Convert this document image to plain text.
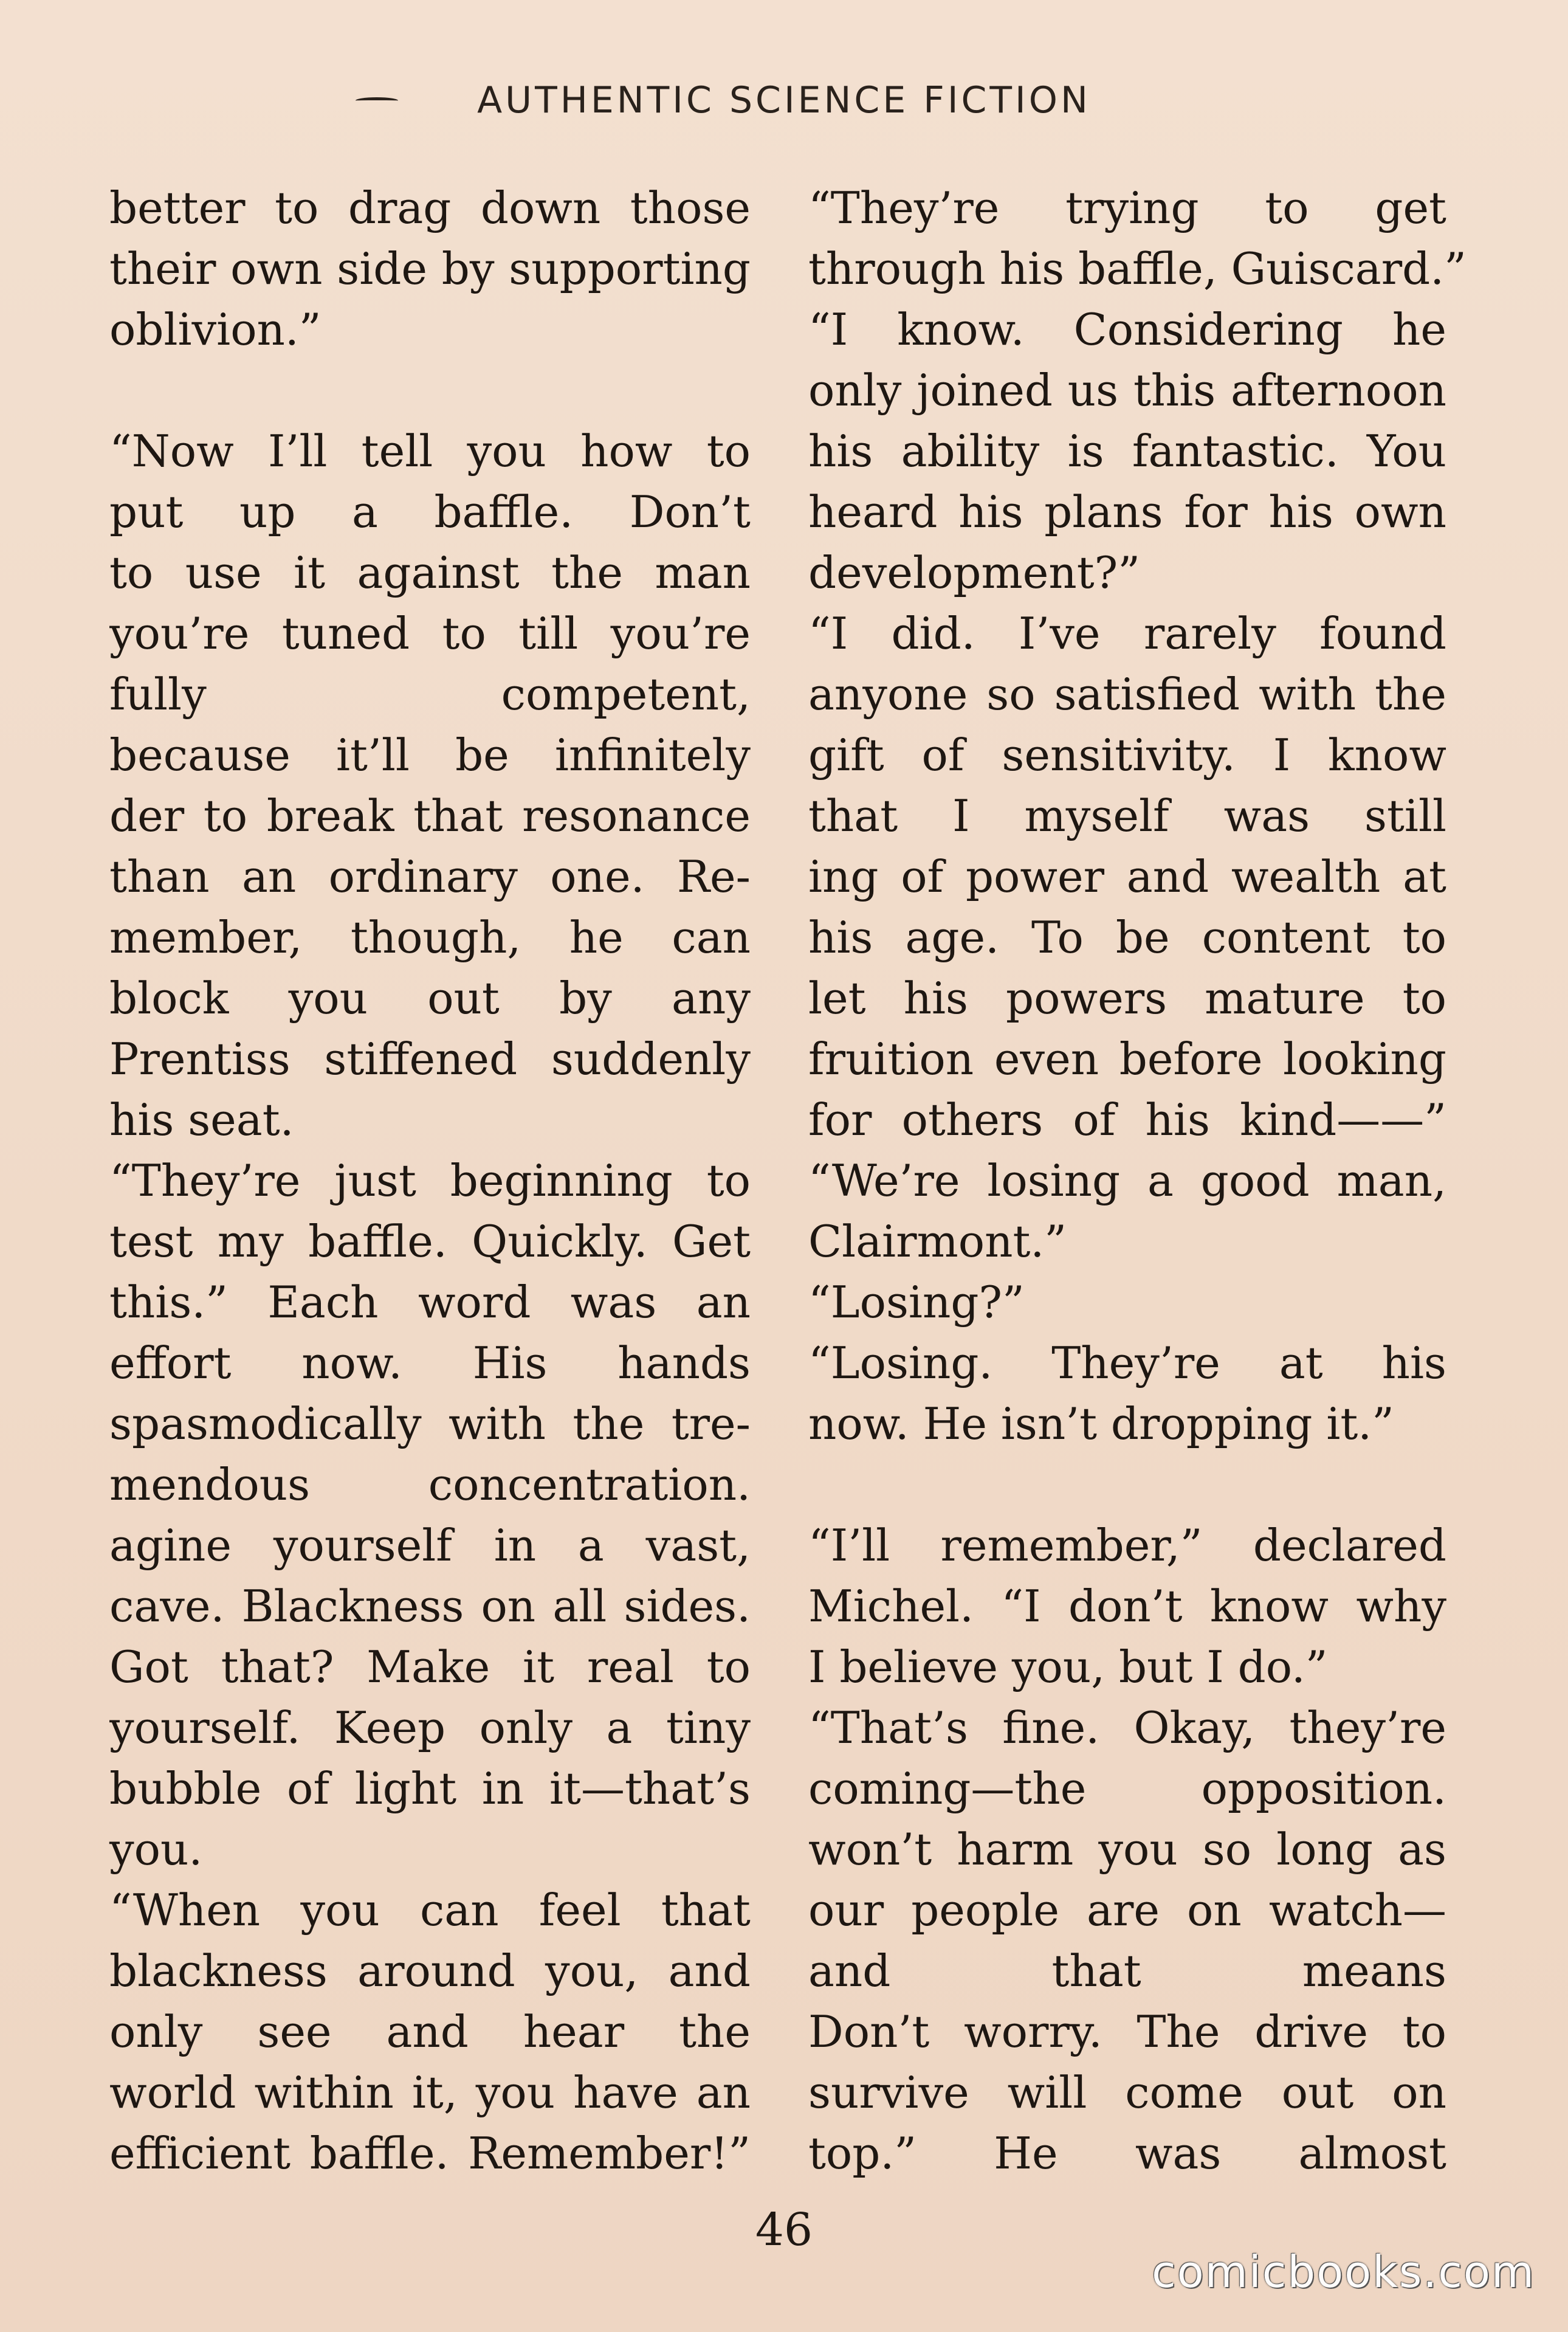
AUTHENTIC SCIENCE FICTION
better to drag down those
their own side by supporting
oblivion.”
“Now I’ll tell you how to
put up a baffle. Don’t
to use it against the man
you’re tuned to till you’re
fully competent,
because it’ll be infinitely
der to break that resonance
than an ordinary one. Re-
member, though, he can
block you out by any
Prentiss stiffened suddenly
his seat.
“They’re just beginning to
test my baffle. Quickly. Get
this.” Each word was an
effort now. His hands
spasmodically with the tre-
mendous concentration.
agine yourself in a vast,
cave. Blackness on all sides.
Got that? Make it real to
yourself. Keep only a tiny
bubble of light in it—that’s
you.
“When you can feel that
blackness around you, and
only see and hear the
world within it, you have an
efficient baffle. Remember!”
“They’re trying to get
through his baffle, Guiscard.”
“I know. Considering he
only joined us this afternoon
his ability is fantastic. You
heard his plans for his own
development?”
“I did. I’ve rarely found
anyone so satisfied with the
gift of sensitivity. I know
that I myself was still
ing of power and wealth at
his age. To be content to
let his powers mature to
fruition even before looking
for others of his kind——”
“We’re losing a good man,
Clairmont.”
“Losing?”
“Losing. They’re at his
now. He isn’t dropping it.”
“I’ll remember,” declared
Michel. “I don’t know why
I believe you, but I do.”
“That’s fine. Okay, they’re
coming—the opposition.
won’t harm you so long as
our people are on watch—
and that means
Don’t worry. The drive to
survive will come out on
top.” He was almost
46
comicbooks.com
